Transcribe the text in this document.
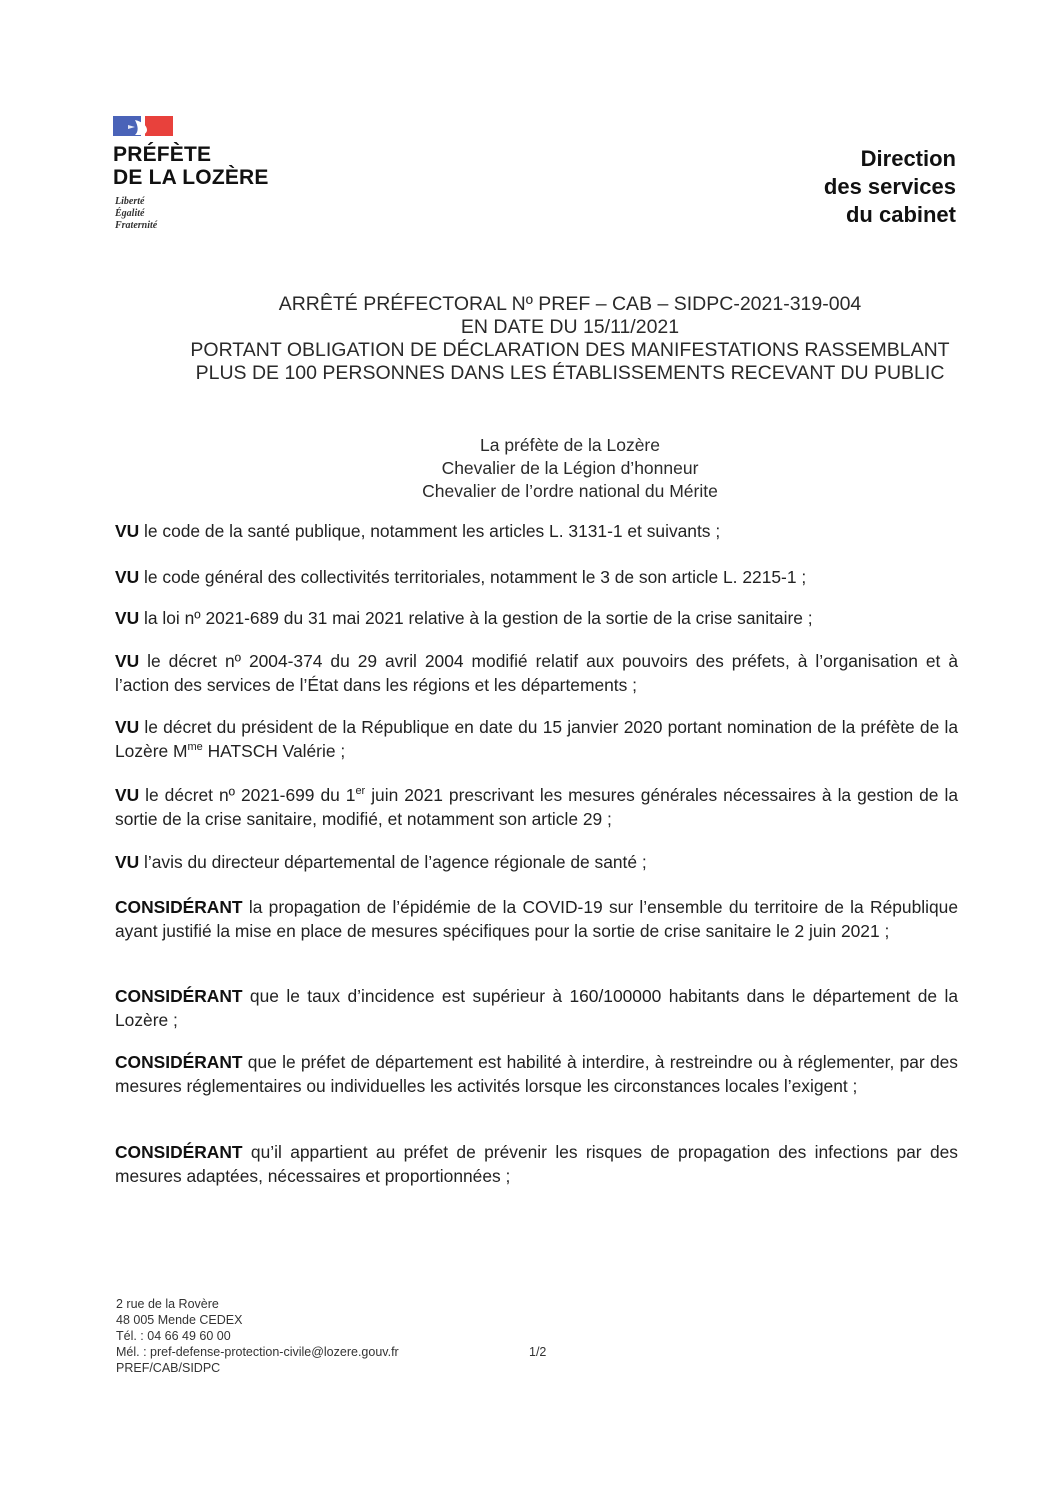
PRÉFÈTE
DE LA LOZÈRE
Liberté
Égalité
Fraternité
Direction
des services
du cabinet
ARRÊTÉ PRÉFECTORAL Nº PREF – CAB – SIDPC-2021-319-004
EN DATE DU 15/11/2021
PORTANT OBLIGATION DE DÉCLARATION DES MANIFESTATIONS RASSEMBLANT
PLUS DE 100 PERSONNES DANS LES ÉTABLISSEMENTS RECEVANT DU PUBLIC
La préfète de la Lozère
Chevalier de la Légion d’honneur
Chevalier de l’ordre national du Mérite
VU le code de la santé publique, notamment les articles L. 3131-1 et suivants ;
VU le code général des collectivités territoriales, notamment le 3 de son article L. 2215-1 ;
VU la loi nº 2021-689 du 31 mai 2021 relative à la gestion de la sortie de la crise sanitaire ;
VU le décret nº 2004-374 du 29 avril 2004 modifié relatif aux pouvoirs des préfets, à l’organisation et à l’action des services de l’État dans les régions et les départements ;
VU le décret du président de la République en date du 15 janvier 2020 portant nomination de la préfète de la Lozère $M^{me}$ HATSCH Valérie ;
VU le décret nº 2021-699 du 1er juin 2021 prescrivant les mesures générales nécessaires à la gestion de la sortie de la crise sanitaire, modifié, et notamment son article 29 ;
VU l’avis du directeur départemental de l’agence régionale de santé ;
CONSIDÉRANT la propagation de l’épidémie de la COVID-19 sur l’ensemble du territoire de la République ayant justifié la mise en place de mesures spécifiques pour la sortie de crise sanitaire le 2 juin 2021 ;
CONSIDÉRANT que le taux d’incidence est supérieur à 160/100000 habitants dans le département de la Lozère ;
CONSIDÉRANT que le préfet de département est habilité à interdire, à restreindre ou à réglementer, par des mesures réglementaires ou individuelles les activités lorsque les circonstances locales l’exigent ;
CONSIDÉRANT qu’il appartient au préfet de prévenir les risques de propagation des infections par des mesures adaptées, nécessaires et proportionnées ;
2 rue de la Rovère
48 005 Mende CEDEX
Tél. : 04 66 49 60 00
Mél. : pref-defense-protection-civile@lozere.gouv.fr
PREF/CAB/SIDPC
1/2
